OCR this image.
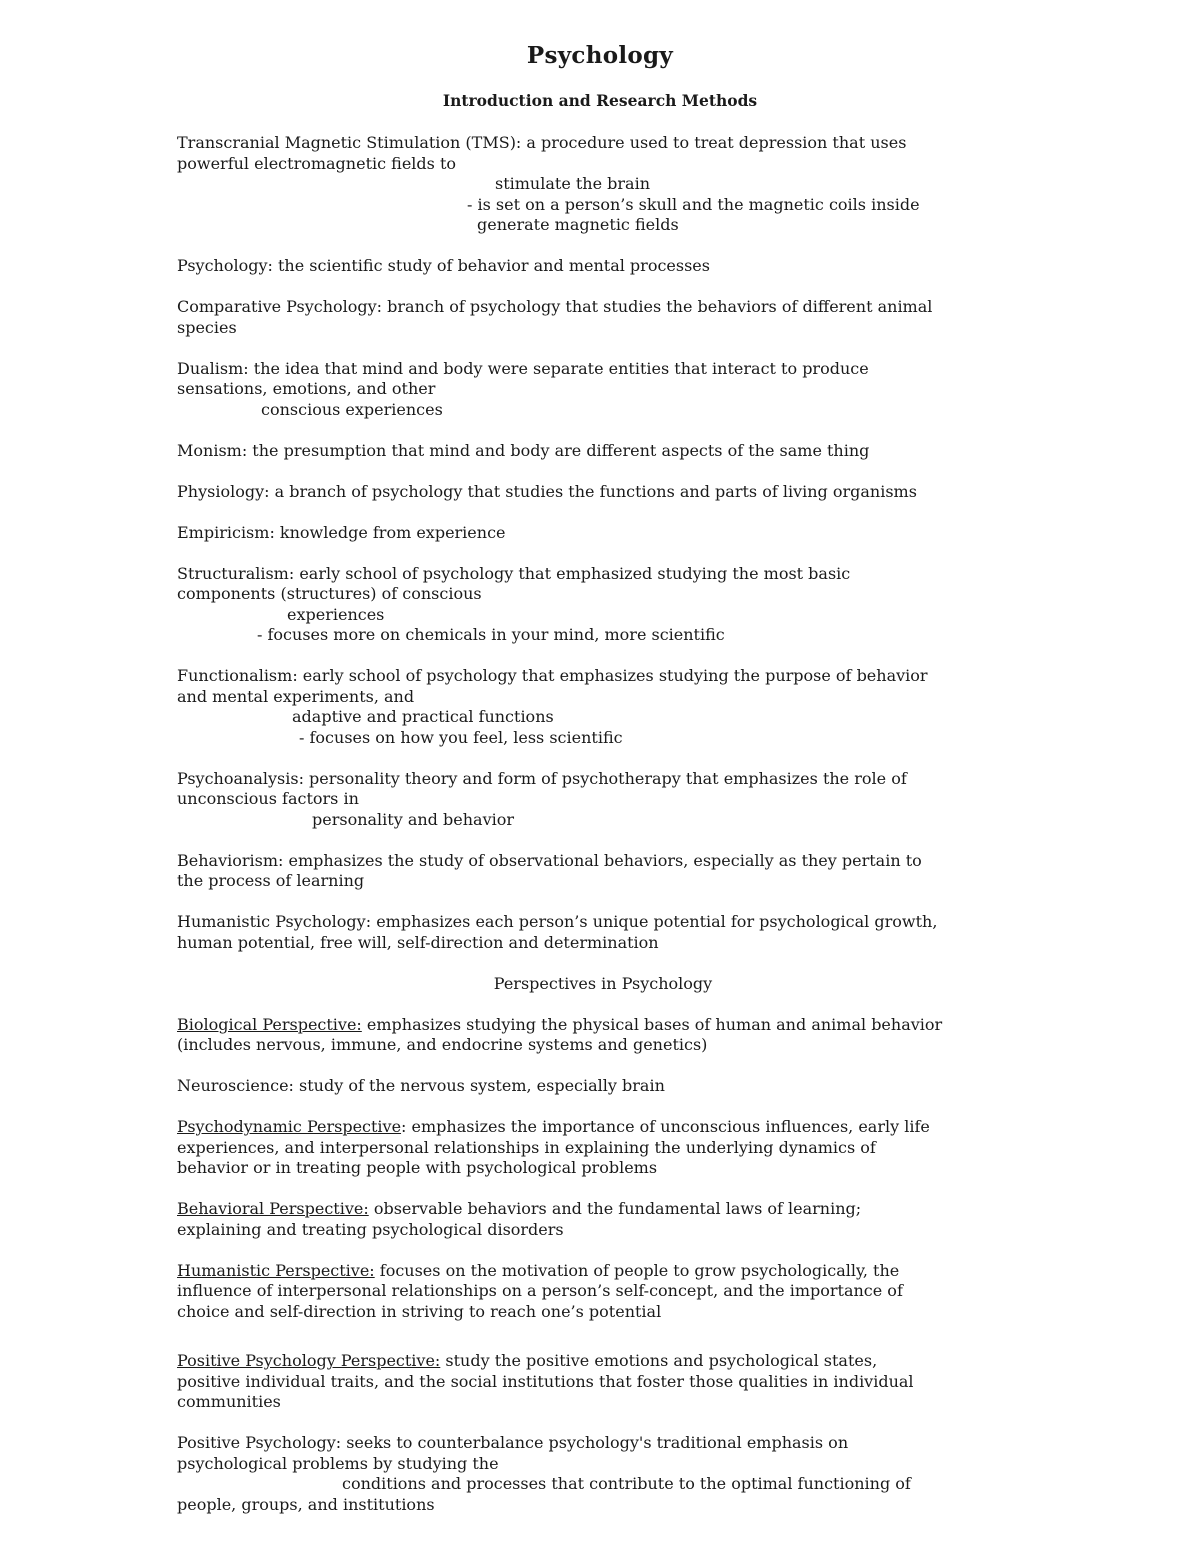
Psychology
Introduction and Research Methods

Transcranial Magnetic Stimulation (TMS): a procedure used to treat depression that uses

powerful electromagnetic fields to

stimulate the brain

- is set on a person’s skull and the magnetic coils inside

generate magnetic fields

Psychology: the scientific study of behavior and mental processes

Comparative Psychology: branch of psychology that studies the behaviors of different animal

species

Dualism: the idea that mind and body were separate entities that interact to produce

sensations, emotions, and other

conscious experiences

Monism: the presumption that mind and body are different aspects of the same thing

Physiology: a branch of psychology that studies the functions and parts of living organisms

Empiricism: knowledge from experience

Structuralism: early school of psychology that emphasized studying the most basic

components (structures) of conscious

experiences

- focuses more on chemicals in your mind, more scientific

Functionalism: early school of psychology that emphasizes studying the purpose of behavior

and mental experiments, and

adaptive and practical functions

- focuses on how you feel, less scientific

Psychoanalysis: personality theory and form of psychotherapy that emphasizes the role of

unconscious factors in

personality and behavior

Behaviorism: emphasizes the study of observational behaviors, especially as they pertain to

the process of learning

Humanistic Psychology: emphasizes each person’s unique potential for psychological growth,

human potential, free will, self-direction and determination

Perspectives in Psychology

Biological Perspective: emphasizes studying the physical bases of human and animal behavior

(includes nervous, immune, and endocrine systems and genetics)

Neuroscience: study of the nervous system, especially brain

Psychodynamic Perspective: emphasizes the importance of unconscious influences, early life

experiences, and interpersonal relationships in explaining the underlying dynamics of

behavior or in treating people with psychological problems

Behavioral Perspective: observable behaviors and the fundamental laws of learning;

explaining and treating psychological disorders

Humanistic Perspective: focuses on the motivation of people to grow psychologically, the

influence of interpersonal relationships on a person’s self-concept, and the importance of

choice and self-direction in striving to reach one’s potential

Positive Psychology Perspective: study the positive emotions and psychological states,

positive individual traits, and the social institutions that foster those qualities in individual

communities

Positive Psychology: seeks to counterbalance psychology's traditional emphasis on

psychological problems by studying the

conditions and processes that contribute to the optimal functioning of

people, groups, and institutions
